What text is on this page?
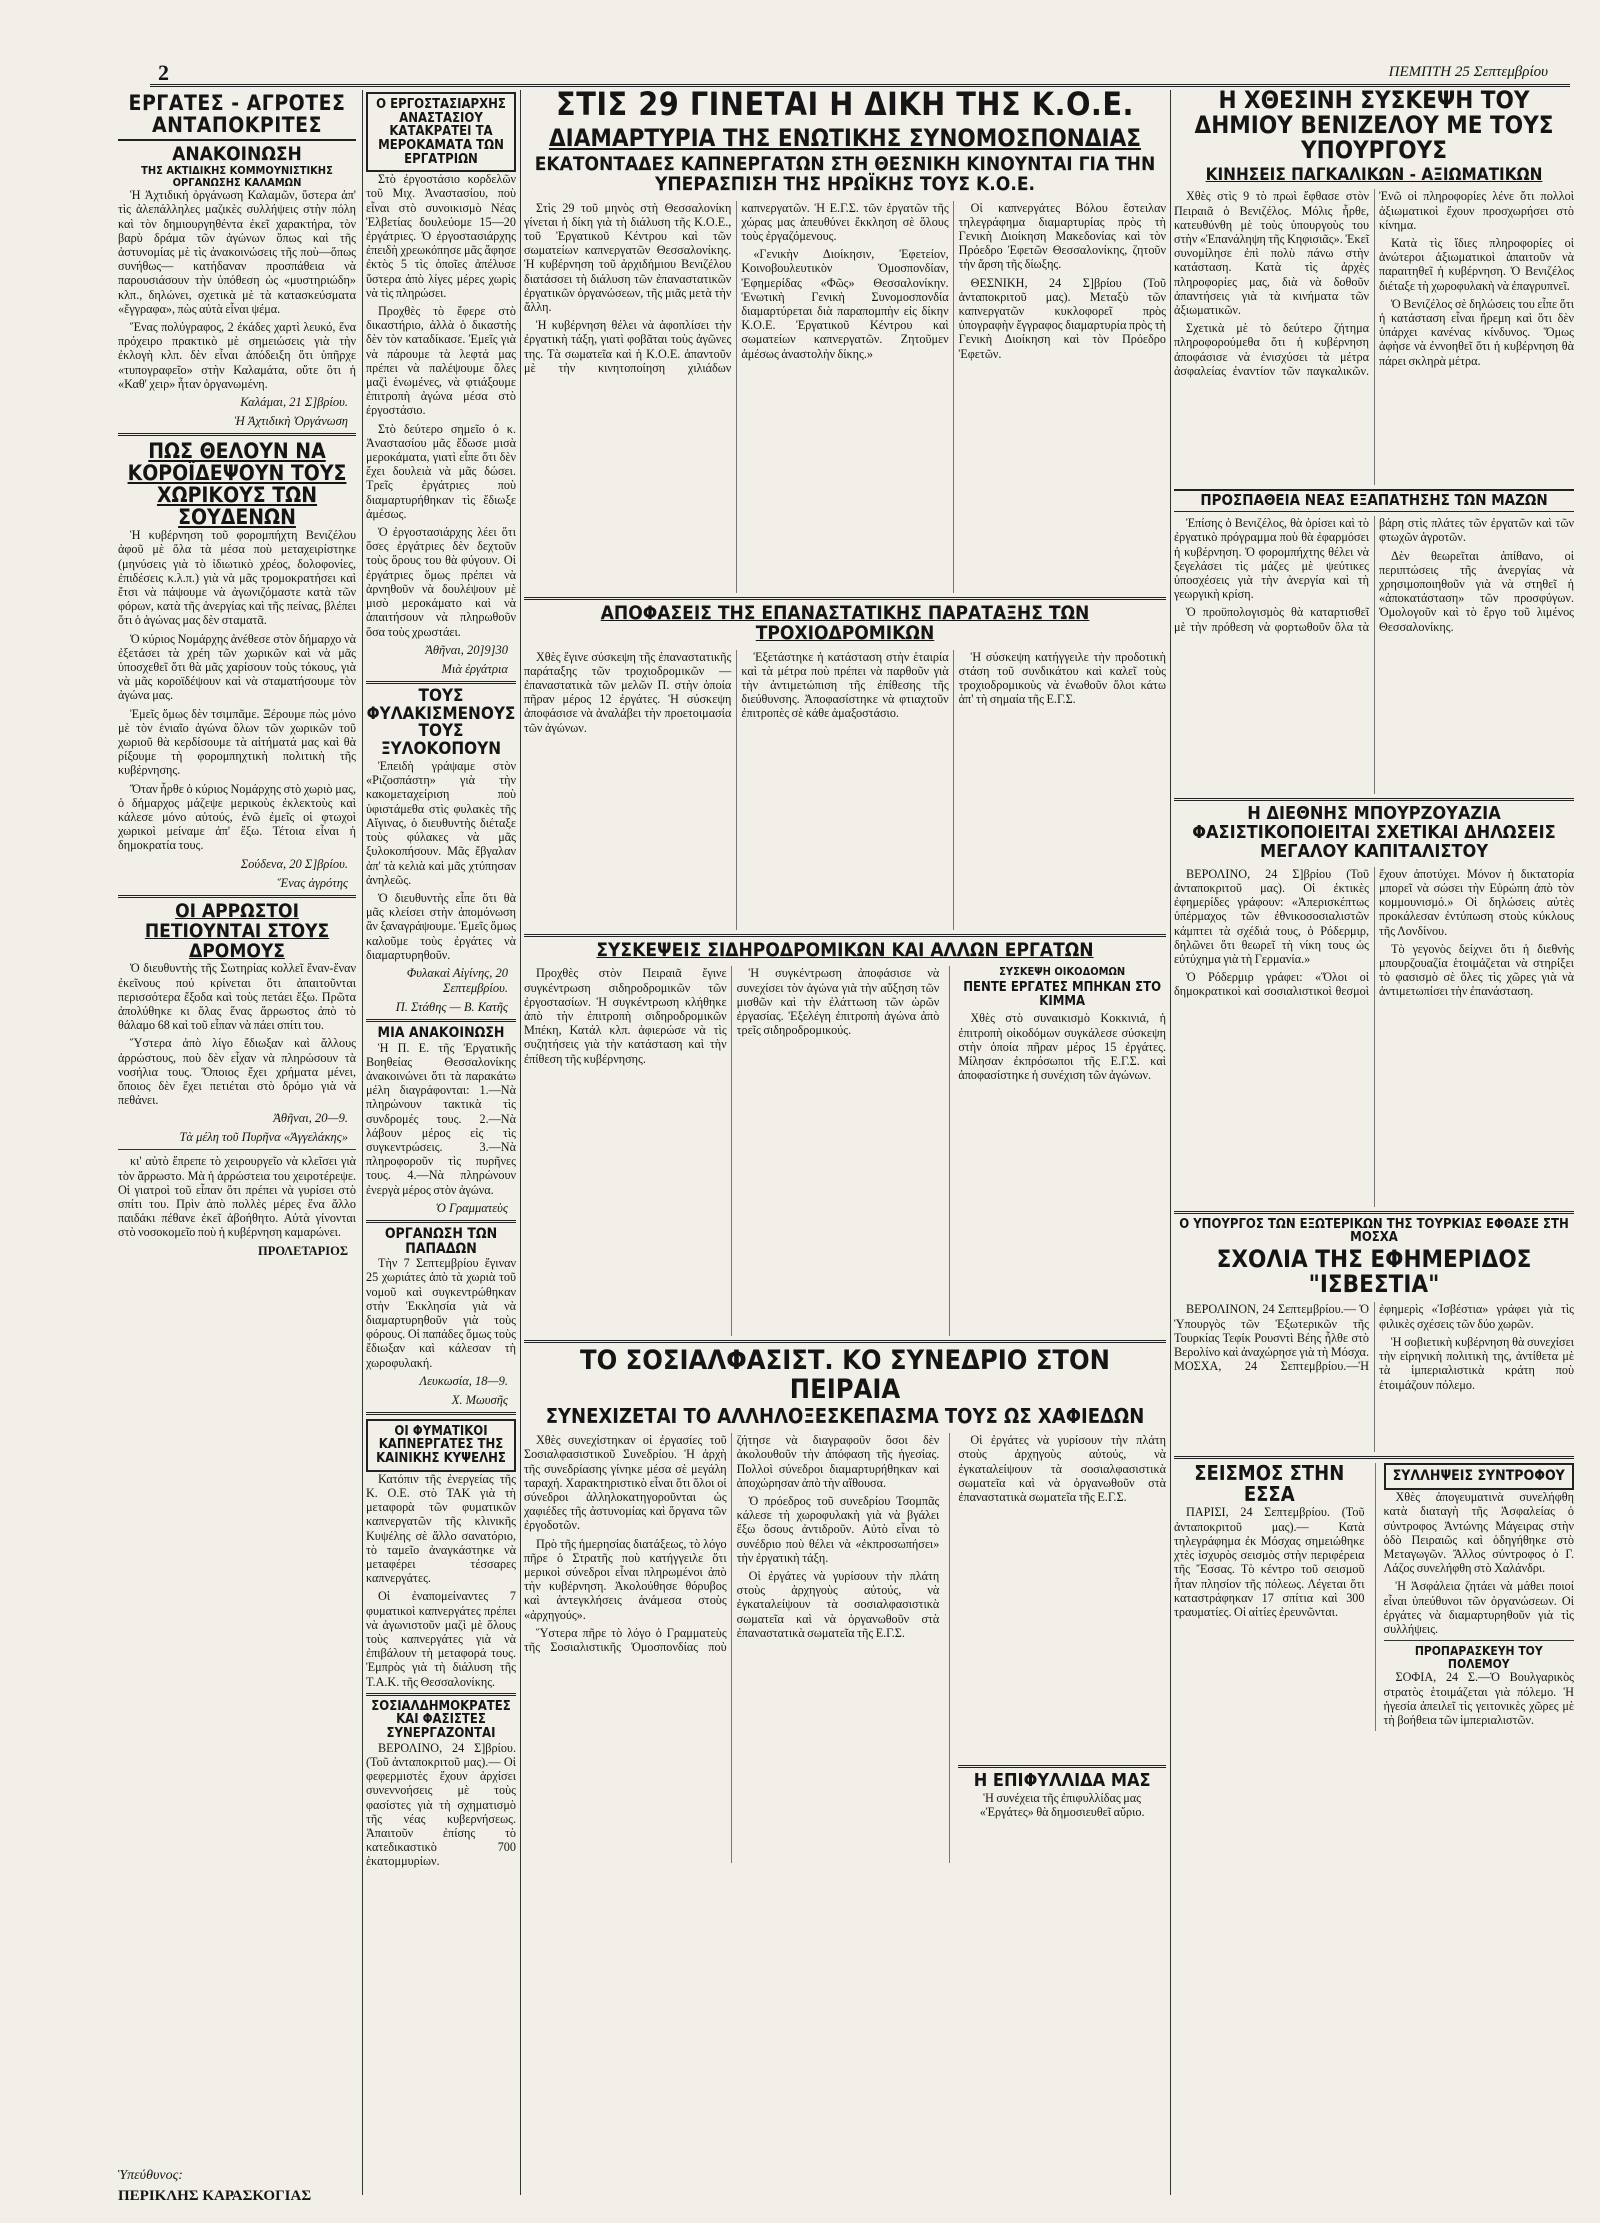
2	ΠΕΜΠΤΗ 25 Σεπτεμβρίου
ΕΡΓΑΤΕΣ - ΑΓΡΟΤΕΣ ΑΝΤΑΠΟΚΡΙΤΕΣ
ΑΝΑΚΟΙΝΩΣΗ
ΤΗΣ ΑΚΤΙΔΙΚΗΣ ΚΟΜΜΟΥΝΙΣΤΙΚΗΣ ΟΡΓΑΝΩΣΗΣ ΚΑΛΑΜΩΝ

Ἡ Ἀχτιδική ὀργάνωση Καλαμῶν, ὕστερα ἀπ' τὶς ἀλεπάλληλες μαζικὲς συλλήψεις στὴν πόλη καὶ τὸν δημιουργηθέντα ἐκεῖ χαρακτήρα, τὸν βαρὺ δράμα τῶν ἀγώνων ὅπως καὶ τῆς ἀστυνομίας μὲ τὶς ἀνακοινώσεις τῆς ποὺ—ὅπως συνήθως— κατήδαναν προσπάθεια νὰ παρουσιάσουν τὴν ὑπόθεση ὡς «μυστηριώδη» κλπ., δηλώνει, σχετικὰ μὲ τὰ κατασκεύσματα «ἔγγραφα», πὼς αὐτὰ εἶναι ψέμα.

Ἕνας πολύγραφος, 2 ἐκάδες χαρτὶ λευκό, ἕνα πρόχειρο πρακτικὸ μὲ σημειώσεις γιὰ τὴν ἐκλογὴ κλπ. δὲν εἶναι ἀπόδειξη ὅτι ὑπῆρχε «τυπογραφεῖο» στὴν Καλαμάτα, οὔτε ὅτι ἡ «Καθ' χειρ» ἦταν ὀργανωμένη.

Καλάμαι, 21 Σ]βρίου.
Ἡ Ἀχτιδικὴ Ὀργάνωση
ΠΩΣ ΘΕΛΟΥΝ ΝΑ ΚΟΡΟΪΔΕΨΟΥΝ ΤΟΥΣ ΧΩΡΙΚΟΥΣ ΤΩΝ ΣΟΥΔΕΝΩΝ

Ἡ κυβέρνηση τοῦ φορομπήχτη Βενιζέλου ἀφοῦ μὲ ὅλα τὰ μέσα ποὺ μεταχειρίστηκε (μηνύσεις γιὰ τὸ ἰδιωτικὸ χρέος, δολοφονίες, ἐπιδέσεις κ.λ.π.) γιὰ νὰ μᾶς τρομοκρατήσει καὶ ἔτσι νὰ πάψουμε νὰ ἀγωνιζόμαστε κατὰ τῶν φόρων, κατὰ τῆς ἀνεργίας καὶ τῆς πείνας, βλέπει ὅτι ὁ ἀγώνας μας δὲν σταματᾶ.

Ὁ κύριος Νομάρχης ἀνέθεσε στὸν δήμαρχο νὰ ἐξετάσει τὰ χρέη τῶν χωρικῶν καὶ νὰ μᾶς ὑποσχεθεῖ ὅτι θὰ μᾶς χαρίσουν τοὺς τόκους, γιὰ νὰ μᾶς κοροϊδέψουν καὶ νὰ σταματήσουμε τὸν ἀγώνα μας.

Ἐμεῖς ὅμως δὲν τσιμπᾶμε. Ξέρουμε πὼς μόνο μὲ τὸν ἑνιαῖο ἀγώνα ὅλων τῶν χωρικῶν τοῦ χωριοῦ θὰ κερδίσουμε τὰ αἰτήματά μας καὶ θὰ ρίξουμε τὴ φορομπηχτικὴ πολιτικὴ τῆς κυβέρνησης.

Ὅταν ἦρθε ὁ κύριος Νομάρχης στὸ χωριὸ μας, ὁ δήμαρχος μάζεψε μερικοὺς ἐκλεκτοὺς καὶ κάλεσε μόνο αὐτούς, ἐνῶ ἐμεῖς οἱ φτωχοὶ χωρικοὶ μείναμε ἀπ' ἔξω. Τέτοια εἶναι ἡ δημοκρατία τους.

Σούδενα, 20 Σ]βρίου.
Ἕνας ἀγρότης
ΟΙ ΑΡΡΩΣΤΟΙ ΠΕΤΙΟΥΝΤΑΙ ΣΤΟΥΣ ΔΡΟΜΟΥΣ

Ὁ διευθυντὴς τῆς Σωτηρίας κολλεῖ ἕναν-ἕναν ἐκεῖνους πού κρίνεται ὅτι ἀπαιτοῦνται περισσότερα ἔξοδα καὶ τοὺς πετάει ἔξω. Πρῶτα ἀπολύθηκε κι ὅλας ἕνας ἄρρωστος ἀπὸ τὸ θάλαμο 68 καὶ τοῦ εἶπαν νὰ πάει σπίτι του.

Ὕστερα ἀπὸ λίγο ἔδιωξαν καὶ ἄλλους ἀρρώστους, ποὺ δὲν εἶχαν νὰ πληρώσουν τὰ νοσήλια τους. Ὅποιος ἔχει χρήματα μένει, ὅποιος δὲν ἔχει πετιέται στὸ δρόμο γιὰ νὰ πεθάνει.

Ἀθῆναι, 20—9.
Τὰ μέλη τοῦ Πυρῆνα «Ἀγγελάκης»

κι' αὐτὸ ἔπρεπε τὸ χειρουργεῖο νὰ κλεῖσει γιὰ τὸν ἄρρωστο. Μὰ ἡ ἀρρώστεια του χειροτέρεψε. Οἱ γιατροὶ τοῦ εἶπαν ὅτι πρέπει νὰ γυρίσει στὸ σπίτι του. Πρὶν ἀπὸ πολλὲς μέρες ἕνα ἄλλο παιδάκι πέθανε ἐκεῖ ἀβοήθητο. Αὐτὰ γίνονται στὸ νοσοκομεῖο ποὺ ἡ κυβέρνηση καμαρώνει.

ΠΡΟΛΕΤΑΡΙΟΣ
Ο ΕΡΓΟΣΤΑΣΙΑΡΧΗΣ ΑΝΑΣΤΑΣΙΟΥ ΚΑΤΑΚΡΑΤΕΙ ΤΑ ΜΕΡΟΚΑΜΑΤΑ ΤΩΝ ΕΡΓΑΤΡΙΩΝ

Στὸ ἐργοστάσιο κορδελῶν τοῦ Μιχ. Ἀναστασίου, ποὺ εἶναι στὸ συνοικισμὸ Νέας Ἑλβετίας δουλεύομε 15—20 ἐργάτριες. Ὁ ἐργοστασιάρχης ἐπειδὴ χρεωκόπησε μᾶς ἄφησε ἐκτὸς 5 τὶς ὁποῖες ἀπέλυσε ὕστερα ἀπὸ λίγες μέρες χωρὶς νὰ τὶς πληρώσει.

Προχθὲς τὸ ἔφερε στὸ δικαστήριο, ἀλλὰ ὁ δικαστὴς δὲν τὸν καταδίκασε. Ἐμεῖς γιὰ νὰ πάρουμε τὰ λεφτά μας πρέπει νὰ παλέψουμε ὅλες μαζὶ ἑνωμένες, νὰ φτιάξουμε ἐπιτροπὴ ἀγώνα μέσα στὸ ἐργοστάσιο.

Στὸ δεύτερο σημεῖο ὁ κ. Ἀναστασίου μᾶς ἔδωσε μισὰ μεροκάματα, γιατὶ εἶπε ὅτι δὲν ἔχει δουλειὰ νὰ μᾶς δώσει. Τρεῖς ἐργάτριες ποὺ διαμαρτυρήθηκαν τὶς ἔδιωξε ἀμέσως.

Ὁ ἐργοστασιάρχης λέει ὅτι ὅσες ἐργάτριες δὲν δεχτοῦν τοὺς ὅρους του θὰ φύγουν. Οἱ ἐργάτριες ὅμως πρέπει νὰ ἀρνηθοῦν νὰ δουλέψουν μὲ μισὸ μεροκάματο καὶ νὰ ἀπαιτήσουν νὰ πληρωθοῦν ὅσα τοὺς χρωστάει.

Ἀθῆναι, 20]9]30
Μιὰ ἐργάτρια
ΤΟΥΣ ΦΥΛΑΚΙΣΜΕΝΟΥΣ ΤΟΥΣ ΞΥΛΟΚΟΠΟΥΝ

Ἐπειδὴ γράψαμε στὸν «Ριζοσπάστη» γιὰ τὴν κακομεταχείριση ποὺ ὑφιστάμεθα στὶς φυλακὲς τῆς Αἴγινας, ὁ διευθυντὴς διέταξε τοὺς φύλακες νὰ μᾶς ξυλοκοπήσουν. Μᾶς ἔβγαλαν ἀπ' τὰ κελιὰ καὶ μᾶς χτύπησαν ἀνηλεῶς.

Ὁ διευθυντὴς εἶπε ὅτι θὰ μᾶς κλείσει στὴν ἀπομόνωση ἂν ξαναγράψουμε. Ἐμεῖς ὅμως καλοῦμε τοὺς ἐργάτες νὰ διαμαρτυρηθοῦν.

Φυλακαὶ Αἰγίνης, 20 Σεπτεμβρίου.
Π. Στάθης — Β. Κατῆς
ΜΙΑ ΑΝΑΚΟΙΝΩΣΗ

Ἡ Π. Ε. τῆς Ἐργατικῆς Βοηθείας Θεσσαλονίκης ἀνακοινώνει ὅτι τὰ παρακάτω μέλη διαγράφονται: 1.—Νὰ πληρώνουν τακτικὰ τὶς συνδρομές τους. 2.—Νὰ λάβουν μέρος εἰς τὶς συγκεντρώσεις. 3.—Νὰ πληροφοροῦν τὶς πυρῆνες τους. 4.—Νὰ πληρώνουν ἐνεργὰ μέρος στὸν ἀγώνα.

Ὁ Γραμματεὺς
ΟΡΓΑΝΩΣΗ ΤΩΝ ΠΑΠΑΔΩΝ

Τὴν 7 Σεπτεμβρίου ἔγιναν 25 χωριάτες ἀπὸ τὰ χωριὰ τοῦ νομοῦ καὶ συγκεντρώθηκαν στὴν Ἐκκλησία γιὰ νὰ διαμαρτυρηθοῦν γιὰ τοὺς φόρους. Οἱ παπάδες ὅμως τοὺς ἔδιωξαν καὶ κάλεσαν τὴ χωροφυλακή.

Λευκωσία, 18—9.
Χ. Μωυσῆς
ΟΙ ΦΥΜΑΤΙΚΟΙ ΚΑΠΝΕΡΓΑΤΕΣ ΤΗΣ ΚΑΙΝΙΚΗΣ ΚΥΨΕΛΗΣ

Κατόπιν τῆς ἐνεργείας τῆς Κ. Ο.Ε. στὸ ΤΑΚ γιὰ τὴ μεταφορὰ τῶν φυματικῶν καπνεργατῶν τῆς κλινικῆς Κυψέλης σὲ ἄλλο σανατόριο, τὸ ταμεῖο ἀναγκάστηκε νὰ μεταφέρει τέσσαρες καπνεργάτες.

Οἱ ἐναπομείναντες 7 φυματικοὶ καπνεργάτες πρέπει νὰ ἀγωνιστοῦν μαζὶ μὲ ὅλους τοὺς καπνεργάτες γιὰ νὰ ἐπιβάλουν τὴ μεταφορά τους. Ἐμπρὸς γιὰ τὴ διάλυση τῆς Τ.Α.Κ. τῆς Θεσσαλονίκης.

ΣΟΣΙΑΛΔΗΜΟΚΡΑΤΕΣ ΚΑΙ ΦΑΣΙΣΤΕΣ ΣΥΝΕΡΓΑΖΟΝΤΑΙ

ΒΕΡΟΛΙΝΟ, 24 Σ]βρίου. (Τοῦ ἀνταποκριτοῦ μας).— Οἱ φεφερμιστὲς ἔχουν ἀρχίσει συνεννοήσεις μὲ τοὺς φασίστες γιὰ τὴ σχηματισμὸ τῆς νέας κυβερνήσεως. Ἀπαιτοῦν ἐπίσης τὸ κατεδικαστικὸ 700 ἑκατομμυρίων.

ΣΤΙΣ 29 ΓΙΝΕΤΑΙ Η ΔΙΚΗ ΤΗΣ Κ.Ο.Ε.
ΔΙΑΜΑΡΤΥΡΙΑ ΤΗΣ ΕΝΩΤΙΚΗΣ ΣΥΝΟΜΟΣΠΟΝΔΙΑΣ
ΕΚΑΤΟΝΤΑΔΕΣ ΚΑΠΝΕΡΓΑΤΩΝ ΣΤΗ ΘΕΣΝΙΚΗ ΚΙΝΟΥΝΤΑΙ ΓΙΑ ΤΗΝ ΥΠΕΡΑΣΠΙΣΗ ΤΗΣ ΗΡΩΪΚΗΣ ΤΟΥΣ Κ.Ο.Ε.

Στὶς 29 τοῦ μηνὸς στὴ Θεσσαλονίκη γίνεται ἡ δίκη γιὰ τὴ διάλυση τῆς Κ.Ο.Ε., τοῦ Ἐργατικοῦ Κέντρου καὶ τῶν σωματείων καπνεργατῶν Θεσσαλονίκης. Ἡ κυβέρνηση τοῦ ἀρχιδήμιου Βενιζέλου διατάσσει τὴ διάλυση τῶν ἐπαναστατικῶν ἐργατικῶν ὀργανώσεων, τῆς μιᾶς μετὰ τὴν ἄλλη.

Ἡ κυβέρνηση θέλει νὰ ἀφοπλίσει τὴν ἐργατικὴ τάξη, γιατὶ φοβᾶται τοὺς ἀγῶνες της. Τὰ σωματεῖα καὶ ἡ Κ.Ο.Ε. ἀπαντοῦν μὲ τὴν κινητοποίηση χιλιάδων καπνεργατῶν. Ἡ Ε.Γ.Σ. τῶν ἐργατῶν τῆς χώρας μας ἀπευθύνει ἔκκληση σὲ ὅλους τοὺς ἐργαζόμενους.

«Γενικὴν Διοίκησιν, Ἐφετείον, Κοινοβουλευτικὸν Ὁμοσπονδίαν, Ἐφημερίδας «Φῶς» Θεσσαλονίκην. Ἑνωτικὴ Γενικὴ Συνομοσπονδία διαμαρτύρεται διὰ παραπομπὴν εἰς δίκην Κ.Ο.Ε. Ἐργατικοῦ Κέντρου καὶ σωματείων καπνεργατῶν. Ζητοῦμεν ἀμέσως ἀναστολὴν δίκης.»

Οἱ καπνεργάτες Βόλου ἔστειλαν τηλεγράφημα διαμαρτυρίας πρὸς τὴ Γενικὴ Διοίκηση Μακεδονίας καὶ τὸν Πρόεδρο Ἐφετῶν Θεσσαλονίκης, ζητοῦν τὴν ἄρση τῆς δίωξης.

ΘΕΣΝΙΚΗ, 24 Σ]βρίου (Τοῦ ἀνταποκριτοῦ μας). Μεταξὺ τῶν καπνεργατῶν κυκλοφορεῖ πρὸς ὑπογραφὴν ἔγγραφος διαμαρτυρία πρὸς τὴ Γενικὴ Διοίκηση καὶ τὸν Πρόεδρο Ἐφετῶν.

ΑΠΟΦΑΣΕΙΣ ΤΗΣ ΕΠΑΝΑΣΤΑΤΙΚΗΣ ΠΑΡΑΤΑΞΗΣ ΤΩΝ ΤΡΟΧΙΟΔΡΟΜΙΚΩΝ

Χθὲς ἔγινε σύσκεψη τῆς ἐπαναστατικῆς παράταξης τῶν τροχιοδρομικῶν — ἐπαναστατικὰ τῶν μελῶν Π. στὴν ὁποία πῆραν μέρος 12 ἐργάτες. Ἡ σύσκεψη ἀποφάσισε νὰ ἀναλάβει τὴν προετοιμασία τῶν ἀγώνων.

Ἐξετάστηκε ἡ κατάσταση στὴν ἑταιρία καὶ τὰ μέτρα ποὺ πρέπει νὰ παρθοῦν γιὰ τὴν ἀντιμετώπιση τῆς ἐπίθεσης τῆς διεύθυνσης. Ἀποφασίστηκε νὰ φτιαχτοῦν ἐπιτροπὲς σὲ κάθε ἀμαξοστάσιο.

Ἡ σύσκεψη κατήγγειλε τὴν προδοτικὴ στάση τοῦ συνδικάτου καὶ καλεῖ τοὺς τροχιοδρομικοὺς νὰ ἑνωθοῦν ὅλοι κάτω ἀπ' τὴ σημαία τῆς Ε.Γ.Σ.

ΣΥΣΚΕΨΕΙΣ ΣΙΔΗΡΟΔΡΟΜΙΚΩΝ ΚΑΙ ΑΛΛΩΝ ΕΡΓΑΤΩΝ

Προχθὲς στὸν Πειραιᾶ ἔγινε συγκέντρωση σιδηροδρομικῶν τῶν ἐργοστασίων. Ἡ συγκέντρωση κλήθηκε ἀπὸ τὴν ἐπιτροπὴ σιδηροδρομικῶν Μπέκη, Κατάλ κλπ. ἀφιερώσε νὰ τὶς συζητήσεις γιὰ τὴν κατάσταση καὶ τὴν ἐπίθεση τῆς κυβέρνησης.

Ἡ συγκέντρωση ἀποφάσισε νὰ συνεχίσει τὸν ἀγώνα γιὰ τὴν αὔξηση τῶν μισθῶν καὶ τὴν ἐλάττωση τῶν ὡρῶν ἐργασίας. Ἐξελέγη ἐπιτροπὴ ἀγώνα ἀπὸ τρεῖς σιδηροδρομικούς.

ΣΥΣΚΕΨΗ ΟΙΚΟΔΟΜΩΝ
ΠΕΝΤΕ ΕΡΓΑΤΕΣ ΜΠΗΚΑΝ ΣΤΟ ΚΙΜΜΑ

Χθὲς στὸ συναικισμὸ Κοκκινιά, ἡ ἐπιτροπὴ οἰκοδόμων συγκάλεσε σύσκεψη στὴν ὁποία πῆραν μέρος 15 ἐργάτες. Μίλησαν ἐκπρόσωποι τῆς Ε.Γ.Σ. καὶ ἀποφασίστηκε ἡ συνέχιση τῶν ἀγώνων.

ΤΟ ΣΟΣΙΑΛΦΑΣΙΣΤ. ΚΟ ΣΥΝΕΔΡΙΟ ΣΤΟΝ ΠΕΙΡΑΙΑ
ΣΥΝΕΧΙΖΕΤΑΙ ΤΟ ΑΛΛΗΛΟΞΕΣΚΕΠΑΣΜΑ ΤΟΥΣ ΩΣ ΧΑΦΙΕΔΩΝ

Χθὲς συνεχίστηκαν οἱ ἐργασίες τοῦ Σοσιαλφασιστικοῦ Συνεδρίου. Ἡ ἀρχὴ τῆς συνεδρίασης γίνηκε μέσα σὲ μεγάλη ταραχή. Χαρακτηριστικὸ εἶναι ὅτι ὅλοι οἱ σύνεδροι ἀλληλοκατηγοροῦνται ὡς χαφιέδες τῆς ἀστυνομίας καὶ ὅργανα τῶν ἐργοδοτῶν.

Πρὸ τῆς ἡμερησίας διατάξεως, τὸ λόγο πῆρε ὁ Στρατῆς ποὺ κατήγγειλε ὅτι μερικοὶ σύνεδροι εἶναι πληρωμένοι ἀπὸ τὴν κυβέρνηση. Ἀκολούθησε θόρυβος καὶ ἀντεγκλήσεις ἀνάμεσα στοὺς «ἀρχηγούς».

Ὕστερα πῆρε τὸ λόγο ὁ Γραμματεὺς τῆς Σοσιαλιστικῆς Ὁμοσπονδίας ποὺ ζήτησε νὰ διαγραφοῦν ὅσοι δὲν ἀκολουθοῦν τὴν ἀπόφαση τῆς ἡγεσίας. Πολλοὶ σύνεδροι διαμαρτυρήθηκαν καὶ ἀποχώρησαν ἀπὸ τὴν αἴθουσα.

Ὁ πρόεδρος τοῦ συνεδρίου Τσομπᾶς κάλεσε τὴ χωροφυλακὴ γιὰ νὰ βγάλει ἔξω ὅσους ἀντιδροῦν. Αὐτὸ εἶναι τὸ συνέδριο ποὺ θέλει νὰ «ἐκπροσωπήσει» τὴν ἐργατικὴ τάξη.

Οἱ ἐργάτες νὰ γυρίσουν τὴν πλάτη στοὺς ἀρχηγοὺς αὐτούς, νὰ ἐγκαταλείψουν τὰ σοσιαλφασιστικὰ σωματεῖα καὶ νὰ ὀργανωθοῦν στὰ ἐπαναστατικὰ σωματεῖα τῆς Ε.Γ.Σ.

Οἱ ἐργάτες νὰ γυρίσουν τὴν πλάτη στοὺς ἀρχηγοὺς αὐτούς, νὰ ἐγκαταλείψουν τὰ σοσιαλφασιστικὰ σωματεῖα καὶ νὰ ὀργανωθοῦν στὰ ἐπαναστατικὰ σωματεῖα τῆς Ε.Γ.Σ.

Η ΕΠΙΦΥΛΛΙΔΑ ΜΑΣ

Ἡ συνέχεια τῆς ἐπιφυλλίδας μας «Ἐργάτες» θὰ δημοσιευθεῖ αὔριο.

Η ΧΘΕΣΙΝΗ ΣΥΣΚΕΨΗ ΤΟΥ ΔΗΜΙΟΥ ΒΕΝΙΖΕΛΟΥ ΜΕ ΤΟΥΣ ΥΠΟΥΡΓΟΥΣ
ΚΙΝΗΣΕΙΣ ΠΑΓΚΑΛΙΚΩΝ - ΑΞΙΩΜΑΤΙΚΩΝ

Χθὲς στὶς 9 τὸ πρωὶ ἔφθασε στὸν Πειραιᾶ ὁ Βενιζέλος. Μόλις ἦρθε, κατευθύνθη μὲ τοὺς ὑπουργοὺς του στὴν «Ἐπανάληψη τῆς Κηφισιᾶς». Ἐκεῖ συνομίλησε ἐπὶ πολὺ πάνω στὴν κατάσταση. Κατὰ τὶς ἀρχὲς πληροφορίες μας, διὰ νὰ δοθοῦν ἀπαντήσεις γιὰ τὰ κινήματα τῶν ἀξιωματικῶν.

Σχετικὰ μὲ τὸ δεύτερο ζήτημα πληροφορούμεθα ὅτι ἡ κυβέρνηση ἀποφάσισε νὰ ἐνισχύσει τὰ μέτρα ἀσφαλείας ἐναντίον τῶν παγκαλικῶν. Ἐνῶ οἱ πληροφορίες λένε ὅτι πολλοὶ ἀξιωματικοὶ ἔχουν προσχωρήσει στὸ κίνημα.

Κατὰ τὶς ἴδιες πληροφορίες οἱ ἀνώτεροι ἀξιωματικοὶ ἀπαιτοῦν νὰ παραιτηθεῖ ἡ κυβέρνηση. Ὁ Βενιζέλος διέταξε τὴ χωροφυλακὴ νὰ ἐπαγρυπνεῖ.

Ὁ Βενιζέλος σὲ δηλώσεις του εἶπε ὅτι ἡ κατάσταση εἶναι ἤρεμη καὶ ὅτι δὲν ὑπάρχει κανένας κίνδυνος. Ὅμως ἀφὴσε νὰ ἐννοηθεῖ ὅτι ἡ κυβέρνηση θὰ πάρει σκληρὰ μέτρα.

ΠΡΟΣΠΑΘΕΙΑ ΝΕΑΣ ΕΞΑΠΑΤΗΣΗΣ ΤΩΝ ΜΑΖΩΝ

Ἐπίσης ὁ Βενιζέλος, θὰ ὁρίσει καὶ τὸ ἐργατικὸ πρόγραμμα ποὺ θὰ ἐφαρμόσει ἡ κυβέρνηση. Ὁ φορομπήχτης θέλει νὰ ξεγελάσει τὶς μάζες μὲ ψεύτικες ὑποσχέσεις γιὰ τὴν ἀνεργία καὶ τὴ γεωργικὴ κρίση.

Ὁ προϋπολογισμὸς θὰ καταρτισθεῖ μὲ τὴν πρόθεση νὰ φορτωθοῦν ὅλα τὰ βάρη στὶς πλάτες τῶν ἐργατῶν καὶ τῶν φτωχῶν ἀγροτῶν.

Δὲν θεωρεῖται ἀπίθανο, οἱ περιπτώσεις τῆς ἀνεργίας νὰ χρησιμοποιηθοῦν γιὰ νὰ στηθεῖ ἡ «ἀποκατάσταση» τῶν προσφύγων. Ὁμολογοῦν καὶ τὸ ἔργο τοῦ λιμένος Θεσσαλονίκης.

Η ΔΙΕΘΝΗΣ ΜΠΟΥΡΖΟΥΑΖΙΑ ΦΑΣΙΣΤΙΚΟΠΟΙΕΙΤΑΙ ΣΧΕΤΙΚΑΙ ΔΗΛΩΣΕΙΣ ΜΕΓΑΛΟΥ ΚΑΠΙΤΑΛΙΣΤΟΥ

ΒΕΡΟΛΙΝΟ, 24 Σ]βρίου (Τοῦ ἀνταποκριτοῦ μας). Οἱ ἐκτικὲς ἐφημερίδες γράφουν: «Ἀπερισκέπτως ὑπέρμαχος τῶν ἐθνικοσοσιαλιστῶν κάμπτει τὰ σχέδιά τους, ὁ Ρόδερμιρ, δηλῶνει ὅτι θεωρεῖ τὴ νίκη τους ὡς εὐτύχημα γιὰ τὴ Γερμανία.»

Ὁ Ρόδερμιρ γράφει: «Ὅλοι οἱ δημοκρατικοὶ καὶ σοσιαλιστικοὶ θεσμοὶ ἔχουν ἀποτύχει. Μόνον ἡ δικτατορία μπορεῖ νὰ σώσει τὴν Εὐρώπη ἀπὸ τὸν κομμουνισμό.» Οἱ δηλώσεις αὐτὲς προκάλεσαν ἐντύπωση στοὺς κύκλους τῆς Λονδίνου.

Τὸ γεγονὸς δείχνει ὅτι ἡ διεθνὴς μπουρζουαζία ἑτοιμάζεται νὰ στηρίξει τὸ φασισμὸ σὲ ὅλες τὶς χῶρες γιὰ νὰ ἀντιμετωπίσει τὴν ἐπανάσταση.

Ο ΥΠΟΥΡΓΟΣ ΤΩΝ ΕΞΩΤΕΡΙΚΩΝ ΤΗΣ ΤΟΥΡΚΙΑΣ ΕΦΘΑΣΕ ΣΤΗ ΜΟΣΧΑ
ΣΧΟΛΙΑ ΤΗΣ ΕΦΗΜΕΡΙΔΟΣ "ΙΣΒΕΣΤΙΑ"

ΒΕΡΟΛΙΝΟΝ, 24 Σεπτεμβρίου.— Ὁ Ὑπουργὸς τῶν Ἐξωτερικῶν τῆς Τουρκίας Τεφίκ Ρουσντὶ Βέης ἦλθε στὸ Βερολίνο καὶ ἀναχώρησε γιὰ τὴ Μόσχα. ΜΟΣΧΑ, 24 Σεπτεμβρίου.—Ἡ ἐφημερὶς «Ἰσβέστια» γράφει γιὰ τὶς φιλικὲς σχέσεις τῶν δύο χωρῶν.

Ἡ σοβιετικὴ κυβέρνηση θὰ συνεχίσει τὴν εἰρηνικὴ πολιτικὴ της, ἀντίθετα μὲ τὰ ἱμπεριαλιστικὰ κράτη ποὺ ἑτοιμάζουν πόλεμο.

ΣΕΙΣΜΟΣ ΣΤΗΝ ΕΣΣΑ

ΠΑΡΙΣΙ, 24 Σεπτεμβρίου. (Τοῦ ἀνταποκριτοῦ μας).— Κατὰ τηλεγράφημα ἐκ Μόσχας σημειώθηκε χτὲς ἰσχυρὸς σεισμὸς στὴν περιφέρεια τῆς Ἔσσας. Τὸ κέντρο τοῦ σεισμοῦ ἦταν πλησίον τῆς πόλεως. Λέγεται ὅτι καταστράφηκαν 17 σπίτια καὶ 300 τραυματίες. Οἱ αἰτίες ἐρευνῶνται.

ΣΥΛΛΗΨΕΙΣ ΣΥΝΤΡΟΦΟΥ

Χθὲς ἀπογευματινὰ συνελήφθη κατὰ διαταγὴ τῆς Ἀσφαλείας ὁ σύντροφος Ἀντώνης Μάγειρας στὴν ὁδὸ Πειραιῶς καὶ ὁδηγήθηκε στὸ Μεταγωγῶν. Ἄλλος σύντροφος ὁ Γ. Λάζος συνελήφθη στὸ Χαλάνδρι.

Ἡ Ἀσφάλεια ζητάει νὰ μάθει ποιοί εἶναι ὑπεύθυνοι τῶν ὀργανώσεων. Οἱ ἐργάτες νὰ διαμαρτυρηθοῦν γιὰ τὶς συλλήψεις.

ΠΡΟΠΑΡΑΣΚΕΥΗ ΤΟΥ ΠΟΛΕΜΟΥ

ΣΟΦΙΑ, 24 Σ.—Ὁ Βουλγαρικὸς στρατὸς ἑτοιμάζεται γιὰ πόλεμο. Ἡ ἡγεσία ἀπειλεῖ τὶς γειτονικὲς χῶρες μὲ τὴ βοήθεια τῶν ἱμπεριαλιστῶν.

Ὑπεύθυνος:
ΠΕΡΙΚΛΗΣ ΚΑΡΑΣΚΟΓΙΑΣ
